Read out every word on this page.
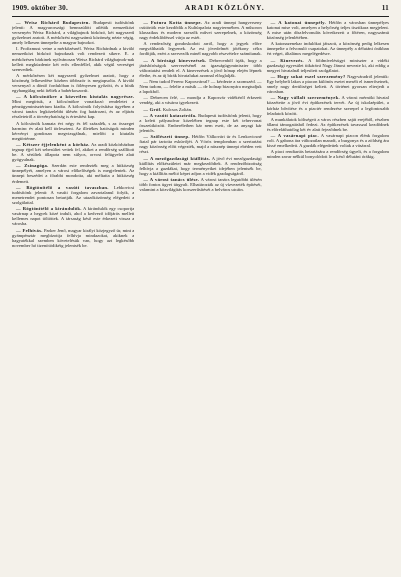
1909. október 30.	ARADI KÖZLÖNY.	11

— Weisz Richárd Budapesten. Budapesti tudósítónk jelenti: A magyarországi bennszülött atléták nemzetközi versenyén Weisz Richárd, a világbajnok birkózó, két nagyszerű győzelmet aratott. A mérkőzést nagyszámú közönség nézte végig, amely lelkesen ünnepelte a magyar bajnokot.

I. Profizmust vetne a mérkőzésnél. Weisz Richárdnak a kiváló nemzetközi birkózó bajnoknak volt rendezett sikere. E. a mérkőzésen bárkinek nyilvánosan Weisz Richárd világbajnok-nak kellett megküzdenie két erős ellenféllel, akik végül vereséget szenvedtek.

A mérkőzésen két nagyszerű győzelmet aratott, hogy a közönség lelkesedése közben többször is megtapsolta. A kiváló versenyző a döntő fordulóban is fölényesen győzött, és a bírák egyhangúlag neki ítélték a babérkoszorút.

— A kölcsönökre a közvetlen kiutalás nagyrésze. Mint megírtuk, a kölcsönökre vonatkozó rendeletet a pénzügyminisztérium kiadta. A kölcsönök folyósítása ügyében a városi tanács legközelebbi ülésén fog határozni, és az eljárás részleteiről a törvényhatóság is értesítést kap.

A kölcsönök kamata évi négy és fél százalék, s az összeget harminc év alatt kell törleszteni. Az illetékes hatóságok minden kérvényt gondosan megvizsgálnak, mielőtt a kiutalás megtörténne.

— Kétszer éjjelenként a kórház. Az aradi közkórházban tegnap éjjel két sebesültet vettek fel, akiket a rendőrség szállított be. A sérültek állapota nem súlyos, orvosi felügyelet alatt gyógyulnak.

— Zsinagóga. Szerdán este rendezték meg a hitközség ünnepélyét, amelyen a városi előkelőségek is megjelentek. Az ünnepi beszédet a főrabbi mondotta, aki méltatta a hitközség érdemeit.

— Rögtönítélő a vasúti tavaszban. Lebkovicsi tudósítónk jelenti: A vasúti forgalom zavartalanul folyik, a menetrendet pontosan betartják. Az utazóközönség elégedett a szolgálattal.

— Rögtönítélő a kirándulók. A kirándulók egy csoportja vasárnap a hegyek közé indult, ahol a kedvező időjárás mellett kellemes napot töltöttek. A társaság késő este érkezett vissza a városba.

— Felhívás. Parker Jenő, magyar királyi közjegyző úr, mint a gyámpénztár megbízottja felhívja mindazokat, akiknek a hagyatékkal szemben követelésük van, hogy azt legkésőbb november hó tizenötödikéig jelentsék be.

— Futura Kotta ünnepe. Az aradi ünnepi hangverseny csütörtök este kezdődik a Kultúrpalota nagytermében. A műsoron klasszikus és modern szerzők művei szerepelnek, a közönség nagy érdeklődéssel várja az estét.

A rendezőség gondoskodott arról, hogy a jegyek előre megválthatók legyenek. Az est jövedelmét jótékony célra fordítják, ezért a szervezők minél nagyobb részvételre számítanak.

— A bírósági kinevezések. Debrecenből írják, hogy a járásbíróságok szervezésénél az igazságügyminiszter több változtatást rendelt el. A kinevezések a jövő hónap elején lépnek életbe, és az új bírák hivatalukat azonnal elfoglalják.

— Nem tudod Ferenc Kaposvárral? — kérdezte a szomszéd. — Nem tudom, — felelte a másik — de holnap bizonyára megtudjuk a lapokból.

— Debrecen felé, — mondja a Kaposvár vidékéről érkezett vendég, aki a vásárra igyekezett.

— Gróf. Kulcsos Zoltán.

— A vasúti katasztrófa. Budapesti tudósítónk jelenti, hogy a keleti pályaudvar közelében tegnap este két tehervonat összeütközött. Emberéletben kár nem esett, de az anyagi kár jelentős.

— Szőlészeti ünnep. Hétfőn Válkovári úr és Lenkovicsné fiatal pár tartotta esküvőjét. A Vörös templomban a szertartást nagy közönség előtt végezték, majd a násznép ünnepi ebéden vett részt.

— A mezőgazdasági kiállítás. A jövő évi mezőgazdasági kiállítás előkészületei már megkezdődtek. A rendezőbizottság felhívja a gazdákat, hogy terményeiket idejében jelentsék be, hogy a kiállítás méltó képet adjon a vidék gazdagságáról.

— A városi tanács ülése. A városi tanács legutóbbi ülésén több fontos ügyet tárgyalt. Elhatározták az új vízvezeték építését, valamint a közvilágítás korszerűsítését a belváros utcáin.

— A katonai ünnepély. Hétfőn a városban ünnepélyes katonai mise volt, amelyen a helyőrség teljes tisztikara megjelent. A mise után díszfelvonulás következett a főtéren, nagyszámú közönség jelenlétében.

A katonazenekar indulókat játszott, a közönség pedig lelkesen ünnepelte a felvonuló csapatokat. Az ünnepély a délutáni órákban ért véget, általános megelégedésre.

— Kinevezés. A földmívelésügyi miniszter a vidéki gazdasági egyesület titkárává Nagy Jánost nevezte ki, aki eddig a megyei hivatalnál teljesített szolgálatot.

— Hogy sokat eszel szerzemény? Nagyváradról jelentik: Egy helybeli lakos a piacon különös esetet mesélt el ismerőseinek, amely nagy derültséget keltett. A történet gyorsan elterjedt a városban.

— Nagy vállalt szerzemények. A városi mérnöki hivatal közzétette a jövő évi építkezések tervét. Az új iskolaépület, a kórház bővítése és a piactér rendezése szerepel a legfontosabb feladatok között.

A munkálatok költségeit a város részben saját erejéből, részben állami támogatásból fedezi. Az építkezések tavasszal kezdődnek és előreláthatólag két év alatt fejeződnek be.

— A vasárnapi piac. A vasárnapi piacon élénk forgalom volt. A gabona ára változatlan maradt, a burgonya és a zöldség ára kissé emelkedett. A gazdák elégedettek voltak a vásárral.

A piaci rendtartás betartására a rendőrség ügyelt, és a forgalom minden zavar nélkül bonyolódott le a késő délutáni órákig.
